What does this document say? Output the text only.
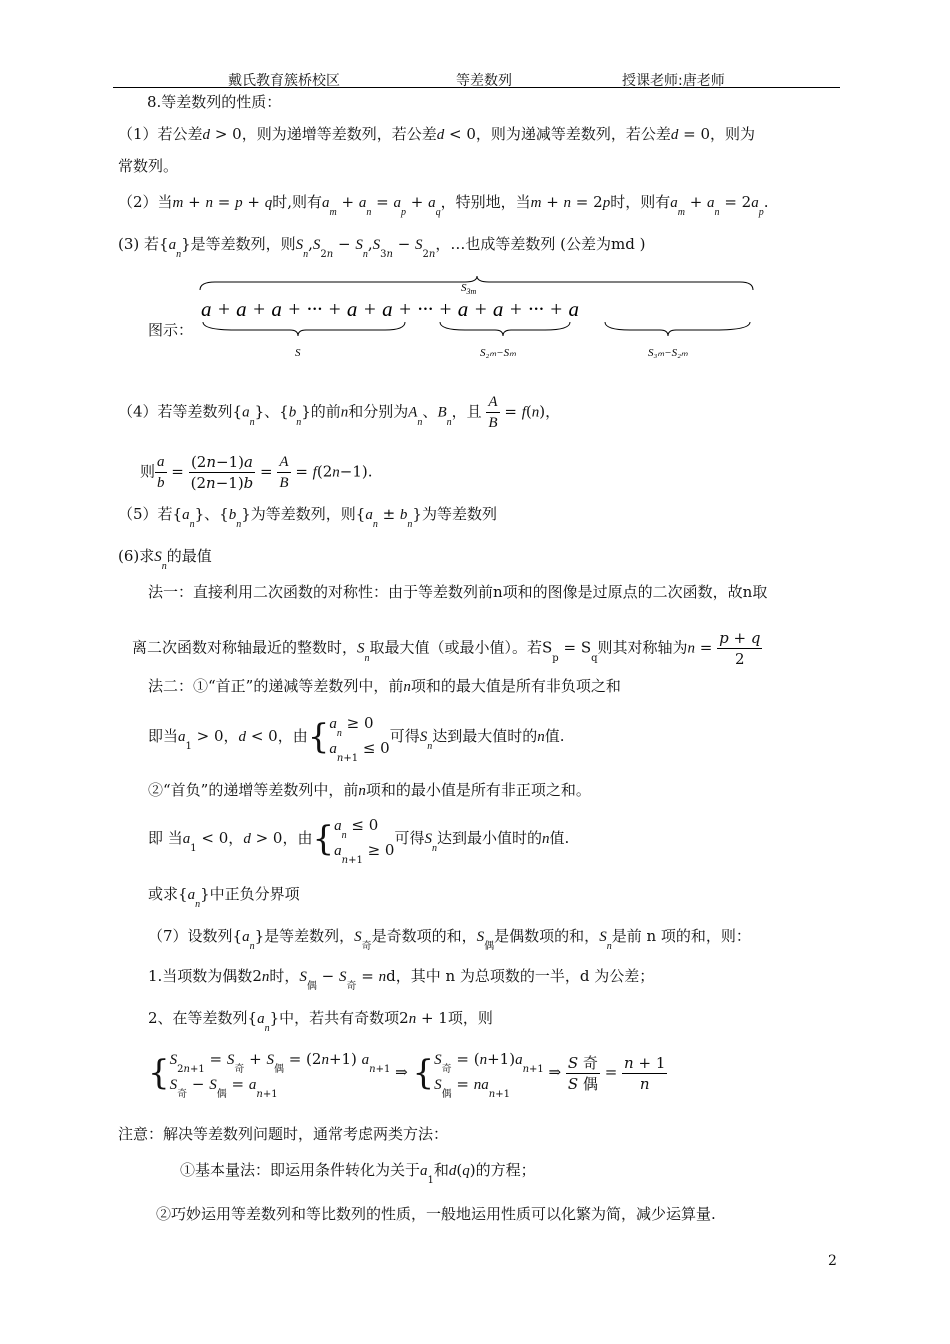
戴氏教育簇桥校区	等差数列	授课老师:唐老师
8.等差数列的性质：
（1）若公差d > 0，则为递增等差数列，若公差d < 0，则为递减等差数列，若公差d = 0，则为
常数列。
（2）当m + n = p + q时,则有$a_m + a_n = a_p + a_q$，特别地，当m + n = 2p时，则有$a_m + a_n = 2a_p$.
(3) 若$\{a_n\}$是等差数列，则$S_n,S_{2n} - S_n,S_{3n} - S_{2n}$，…也成等差数列 (公差为md )
图示：
$S_{3m}$
a + a + a + ··· + a + a + ··· + a + a + ··· + a
S	S₂ₘ−Sₘ	S₃ₘ−S₂ₘ
（4）若等差数列$\{a_n\}$、$\{b_n\}$的前n和分别为$A_n$、$B_n$，且 $\frac{A}{B} = f(n)$，
则 $\frac{a}{b} = \frac{(2n-1)a}{(2n-1)b} = \frac{A}{B} = f(2n-1)$.
（5）若$\{a_n\}$、$\{b_n\}$为等差数列，则$\{a_n \pm b_n\}$为等差数列
(6)求$S_n$的最值
法一：直接利用二次函数的对称性：由于等差数列前n项和的图像是过原点的二次函数，故n取
离二次函数对称轴最近的整数时，$S_n$取最大值（或最小值）。若$S_p = S_q$则其对称轴为$n = \frac{p + q}{2}$
法二：①“首正”的递减等差数列中，前n项和的最大值是所有非负项之和
即当$a_1 > 0$，d < 0，由{$a_n \ge 0$
$a_{n+1} \le 0$可得$S_n$达到最大值时的n值.
②“首负”的递增等差数列中，前n项和的最小值是所有非正项之和。
即 当$a_1 < 0$，d > 0，由{$a_n \le 0$
$a_{n+1} \ge 0$可得$S_n$达到最小值时的n值.
或求$\{a_n\}$中正负分界项
（7）设数列$\{a_n\}$是等差数列，$S_奇$是奇数项的和，$S_偶$是偶数项的和，$S_n$是前 n 项的和，则：
1.当项数为偶数2n时，$S_偶 - S_奇$ = nd，其中 n 为总项数的一半，d 为公差；
2、在等差数列$\{a_n\}$中，若共有奇数项2n + 1项，则
{$S_{2n+1} = S_奇 + S_偶 = (2n+1)$ $a_{n+1}$
$S_奇 - S_偶 = a_{n+1}$ ⇒ {$S_奇 = (n+1)a_{n+1}$
$S_偶 = na_{n+1}$ ⇒ $\frac{\text{S 奇}}{\text{S 偶}} = \frac{n + 1}{n}$
注意：解决等差数列问题时，通常考虑两类方法：
①基本量法：即运用条件转化为关于$a_1$和d(q)的方程；
②巧妙运用等差数列和等比数列的性质，一般地运用性质可以化繁为简，减少运算量.
2
